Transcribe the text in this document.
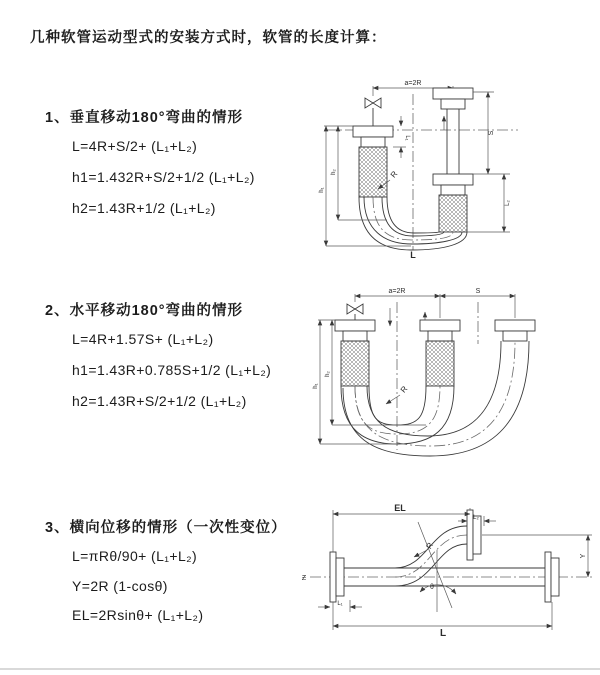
几种软管运动型式的安装方式时，软管的长度计算：
1、垂直移动180°弯曲的情形
L=4R+S/2+ (L₁+L₂)
h1=1.432R+S/2+1/2 (L₁+L₂)
h2=1.43R+1/2 (L₁+L₂)
2、水平移动180°弯曲的情形
L=4R+1.57S+ (L₁+L₂)
h1=1.43R+0.785S+1/2 (L₁+L₂)
h2=1.43R+S/2+1/2 (L₁+L₂)
3、横向位移的情形（一次性变位）
L=πRθ/90+ (L₁+L₂)
Y=2R (1-cosθ)
EL=2Rsinθ+ (L₁+L₂)
a=2R
L₁
S
L₂
h₁
h₂	R
L
a=2R	S
h₁
h₂
R
Ƶ
EL
L₂
Y
θ
R
L₁
L
